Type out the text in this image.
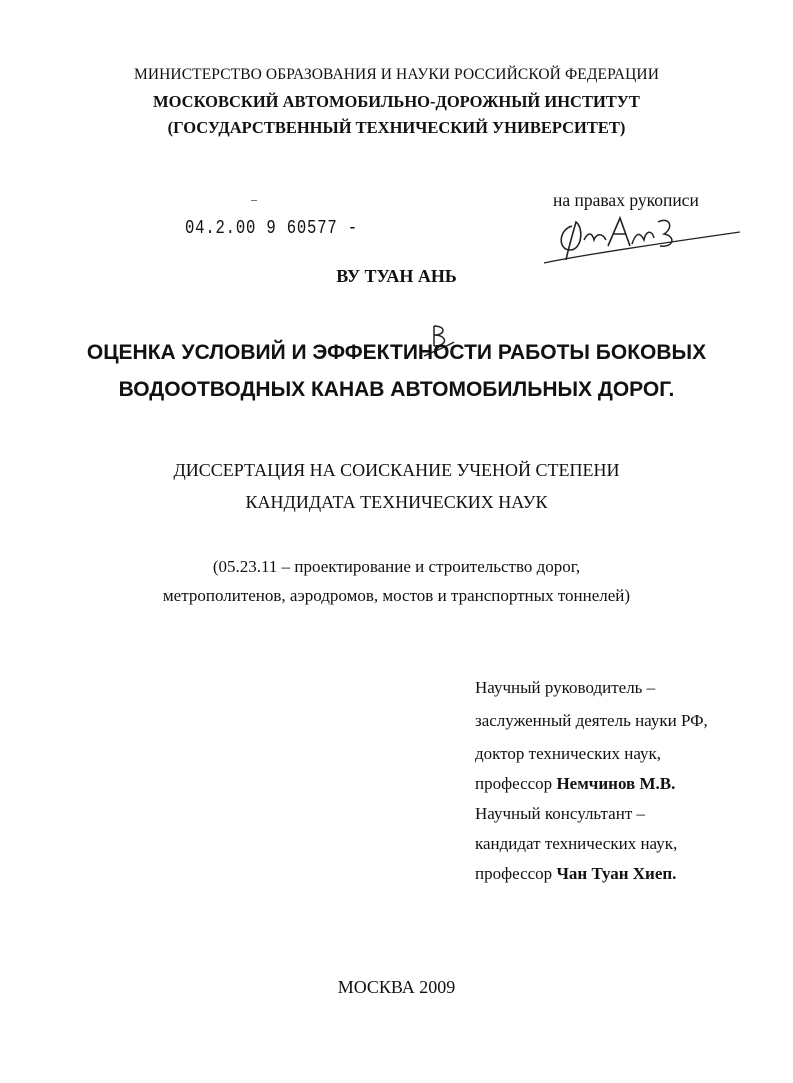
МИНИСТЕРСТВО ОБРАЗОВАНИЯ И НАУКИ РОССИЙСКОЙ ФЕДЕРАЦИИ
МОСКОВСКИЙ АВТОМОБИЛЬНО-ДОРОЖНЫЙ ИНСТИТУТ
(ГОСУДАРСТВЕННЫЙ ТЕХНИЧЕСКИЙ УНИВЕРСИТЕТ)
04.2.00 9 60577 -
на правах рукописи
ВУ ТУАН АНЬ
ОЦЕНКА УСЛОВИЙ И ЭФФЕКТИНОСТИ РАБОТЫ БОКОВЫХ
ВОДООТВОДНЫХ КАНАВ АВТОМОБИЛЬНЫХ ДОРОГ.
ДИССЕРТАЦИЯ НА СОИСКАНИЕ УЧЕНОЙ СТЕПЕНИ
КАНДИДАТА ТЕХНИЧЕСКИХ НАУК
(05.23.11 – проектирование и строительство дорог,
метрополитенов, аэродромов, мостов и транспортных тоннелей)
Научный руководитель –
заслуженный деятель науки РФ,
доктор технических наук,
профессор Немчинов М.В.
Научный консультант –
кандидат технических наук,
профессор Чан Туан Хиеп.
МОСКВА 2009
